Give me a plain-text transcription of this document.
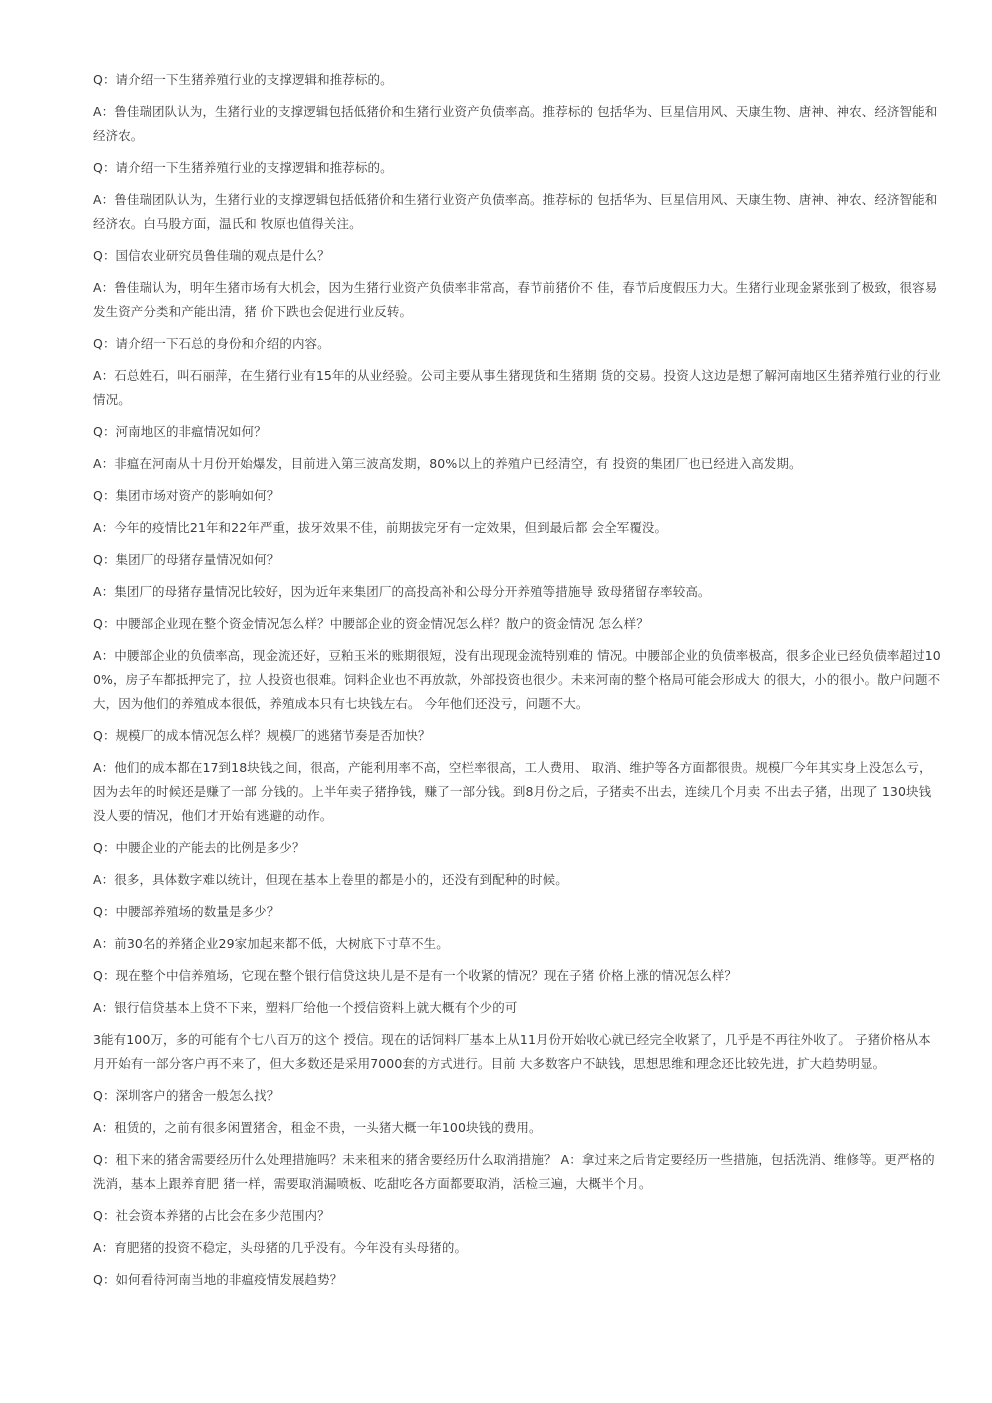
Q：请介绍一下生猪养殖行业的支撑逻辑和推荐标的。

A：鲁佳瑞团队认为，生猪行业的支撑逻辑包括低猪价和生猪行业资产负债率高。推荐标的 包括华为、巨星信用风、天康生物、唐神、神农、经济智能和经济农。

Q：请介绍一下生猪养殖行业的支撑逻辑和推荐标的。

A：鲁佳瑞团队认为，生猪行业的支撑逻辑包括低猪价和生猪行业资产负债率高。推荐标的 包括华为、巨星信用风、天康生物、唐神、神农、经济智能和经济农。白马股方面，温氏和 牧原也值得关注。

Q：国信农业研究员鲁佳瑞的观点是什么？

A：鲁佳瑞认为，明年生猪市场有大机会，因为生猪行业资产负债率非常高，春节前猪价不 佳，春节后度假压力大。生猪行业现金紧张到了极致，很容易发生资产分类和产能出清，猪 价下跌也会促进行业反转。

Q：请介绍一下石总的身份和介绍的内容。

A：石总姓石，叫石丽萍，在生猪行业有15年的从业经验。公司主要从事生猪现货和生猪期 货的交易。投资人这边是想了解河南地区生猪养殖行业的行业情况。

Q：河南地区的非瘟情况如何？

A：非瘟在河南从十月份开始爆发，目前进入第三波高发期，80%以上的养殖户已经清空，有 投资的集团厂也已经进入高发期。

Q：集团市场对资产的影响如何？

A：今年的疫情比21年和22年严重，拔牙效果不佳，前期拔完牙有一定效果，但到最后都 会全军覆没。

Q：集团厂的母猪存量情况如何？

A：集团厂的母猪存量情况比较好，因为近年来集团厂的高投高补和公母分开养殖等措施导 致母猪留存率较高。

Q：中腰部企业现在整个资金情况怎么样？中腰部企业的资金情况怎么样？散户的资金情况 怎么样？

A：中腰部企业的负债率高，现金流还好，豆粕玉米的账期很短，没有出现现金流特别难的 情况。中腰部企业的负债率极高，很多企业已经负债率超过100%，房子车都抵押完了，拉 人投资也很难。饲料企业也不再放款，外部投资也很少。未来河南的整个格局可能会形成大 的很大，小的很小。散户问题不大，因为他们的养殖成本很低，养殖成本只有七块钱左右。 今年他们还没亏，问题不大。

Q：规模厂的成本情况怎么样？规模厂的逃猪节奏是否加快？

A：他们的成本都在17到18块钱之间，很高，产能利用率不高，空栏率很高，工人费用、 取消、维护等各方面都很贵。规模厂今年其实身上没怎么亏，因为去年的时候还是赚了一部 分钱的。上半年卖子猪挣钱，赚了一部分钱。到8月份之后，子猪卖不出去，连续几个月卖 不出去子猪，出现了 130块钱没人要的情况，他们才开始有逃避的动作。

Q：中腰企业的产能去的比例是多少？

A：很多，具体数字难以统计，但现在基本上卷里的都是小的，还没有到配种的时候。

Q：中腰部养殖场的数量是多少？

A：前30名的养猪企业29家加起来都不低，大树底下寸草不生。

Q：现在整个中信养殖场，它现在整个银行信贷这块儿是不是有一个收紧的情况？现在子猪 价格上涨的情况怎么样？

A：银行信贷基本上贷不下来，塑料厂给他一个授信资料上就大概有个少的可

3能有100万，多的可能有个七八百万的这个 授信。现在的话饲料厂基本上从11月份开始收心就已经完全收紧了，几乎是不再往外收了。 子猪价格从本月开始有一部分客户再不来了，但大多数还是采用7000套的方式进行。目前 大多数客户不缺钱，思想思维和理念还比较先进，扩大趋势明显。

Q：深圳客户的猪舍一般怎么找？

A：租赁的，之前有很多闲置猪舍，租金不贵，一头猪大概一年100块钱的费用。

Q：租下来的猪舍需要经历什么处理措施吗？未来租来的猪舍要经历什么取消措施？ A：拿过来之后肯定要经历一些措施，包括洗消、维修等。更严格的洗消，基本上跟养育肥 猪一样，需要取消漏喷板、吃甜吃各方面都要取消，活检三遍，大概半个月。

Q：社会资本养猪的占比会在多少范围内？

A：育肥猪的投资不稳定，头母猪的几乎没有。今年没有头母猪的。

Q：如何看待河南当地的非瘟疫情发展趋势？
